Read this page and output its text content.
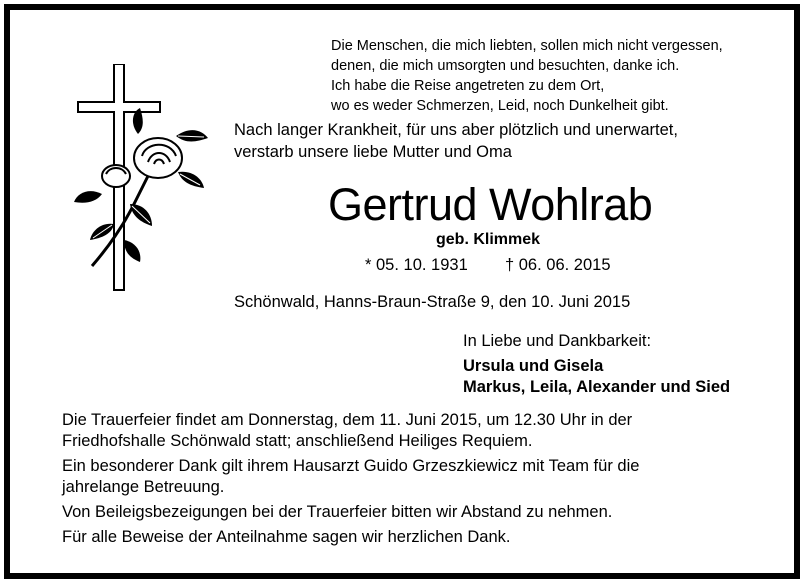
Die Menschen, die mich liebten, sollen mich nicht vergessen,
denen, die mich umsorgten und besuchten, danke ich.
Ich habe die Reise angetreten zu dem Ort,
wo es weder Schmerzen, Leid, noch Dunkelheit gibt.
Nach langer Krankheit, für uns aber plötzlich und unerwartet,
verstarb unsere liebe Mutter und Oma
Gertrud Wohlrab
geb. Klimmek
* 05. 10. 1931 † 06. 06. 2015
Schönwald, Hanns-Braun-Straße 9, den 10. Juni 2015
In Liebe und Dankbarkeit:
Ursula und Gisela
Markus, Leila, Alexander und Sied

Die Trauerfeier findet am Donnerstag, dem 11. Juni 2015, um 12.30 Uhr in der
Friedhofshalle Schönwald statt; anschließend Heiliges Requiem.

Ein besonderer Dank gilt ihrem Hausarzt Guido Grzeszkiewicz mit Team für die
jahrelange Betreuung.

Von Beileigsbezeigungen bei der Trauerfeier bitten wir Abstand zu nehmen.

Für alle Beweise der Anteilnahme sagen wir herzlichen Dank.
